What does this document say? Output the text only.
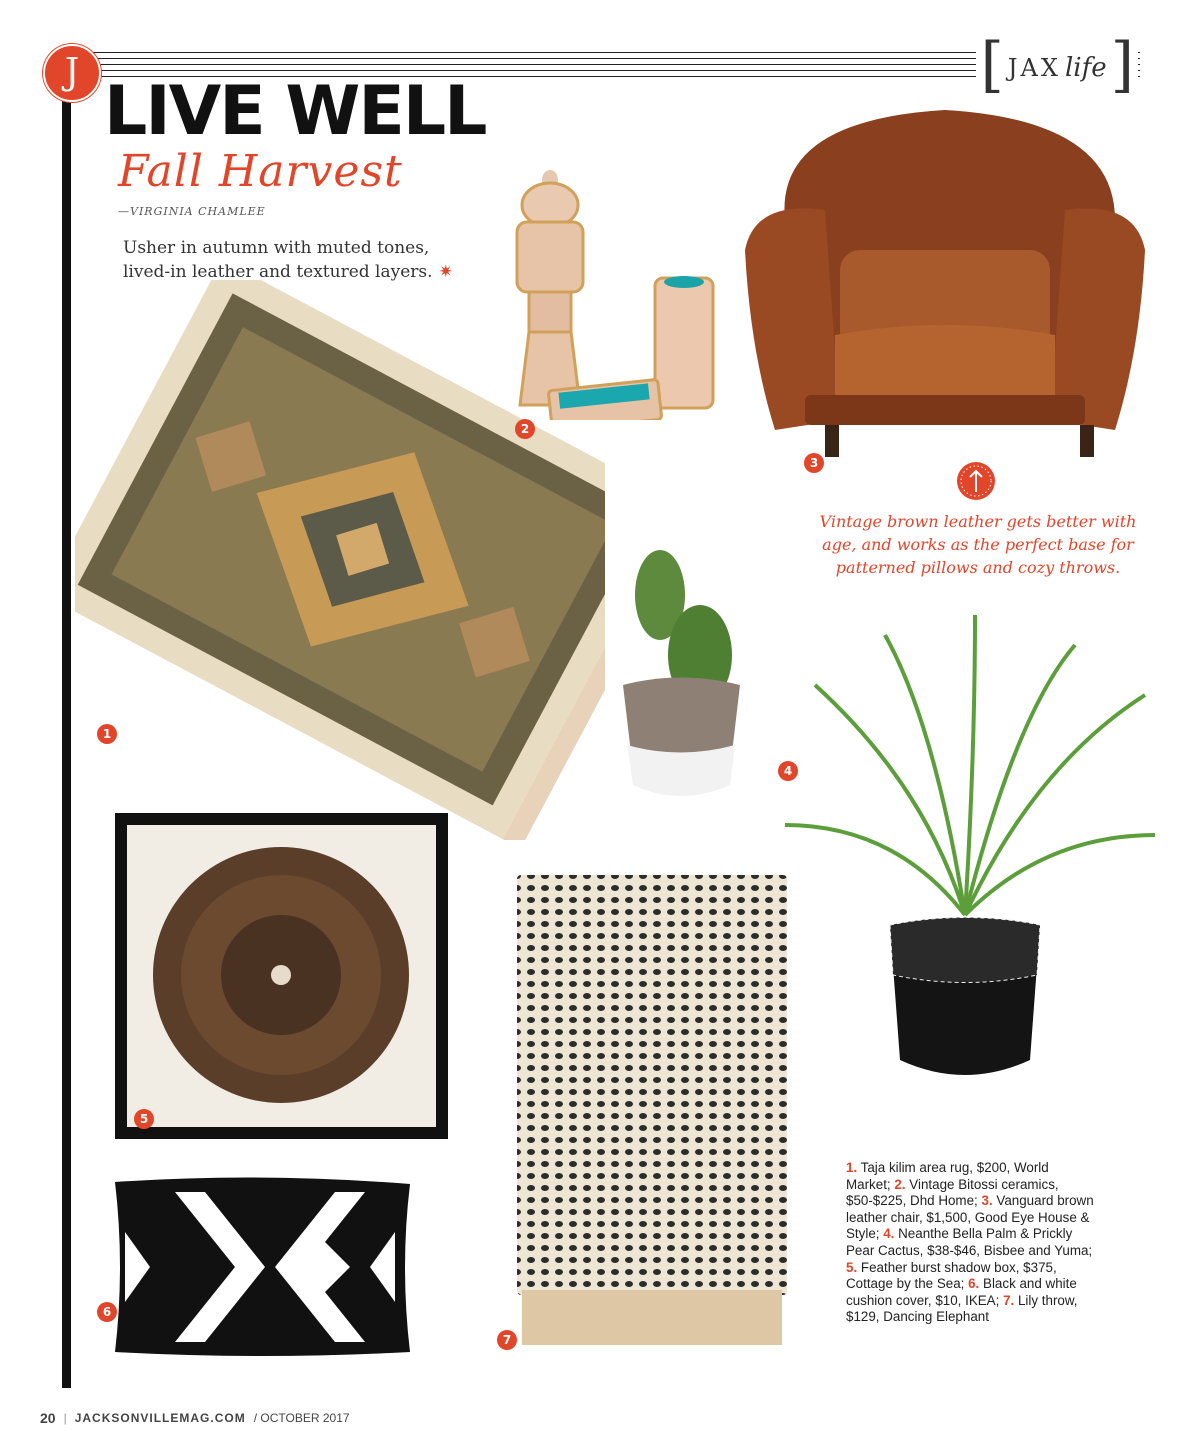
J	[ JAX life ]
LIVE WELL
Fall Harvest
—VIRGINIA CHAMLEE
Usher in autumn with muted tones,
lived-in leather and textured layers. ✷
1
2
3
Vintage brown leather gets better with
age, and works as the perfect base for
patterned pillows and cozy throws.
4
5
6
7
1. Taja kilim area rug, $200, World Market; 2. Vintage Bitossi ceramics, $50-$225, Dhd Home; 3. Vanguard brown leather chair, $1,500, Good Eye House & Style; 4. Neanthe Bella Palm & Prickly Pear Cactus, $38-$46, Bisbee and Yuma; 5. Feather burst shadow box, $375, Cottage by the Sea; 6. Black and white cushion cover, $10, IKEA; 7. Lily throw, $129, Dancing Elephant
20 | JACKSONVILLEMAG.COM / OCTOBER 2017
